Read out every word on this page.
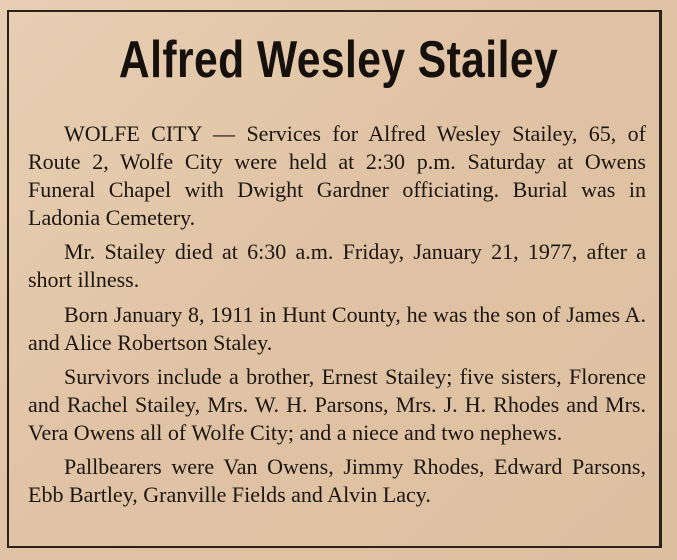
Alfred Wesley Stailey

WOLFE CITY — Services for Alfred Wesley Stailey, 65, of Route 2, Wolfe City were held at 2:30 p.m. Saturday at Owens Funeral Chapel with Dwight Gardner officiating. Burial was in Ladonia Cemetery.

Mr. Stailey died at 6:30 a.m. Friday, January 21, 1977, after a short illness.

Born January 8, 1911 in Hunt County, he was the son of James A. and Alice Robertson Staley.

Survivors include a brother, Ernest Stailey; five sisters, Florence and Rachel Stailey, Mrs. W. H. Parsons, Mrs. J. H. Rhodes and Mrs. Vera Owens all of Wolfe City; and a niece and two nephews.

Pallbearers were Van Owens, Jimmy Rhodes, Edward Parsons, Ebb Bartley, Granville Fields and Alvin Lacy.
